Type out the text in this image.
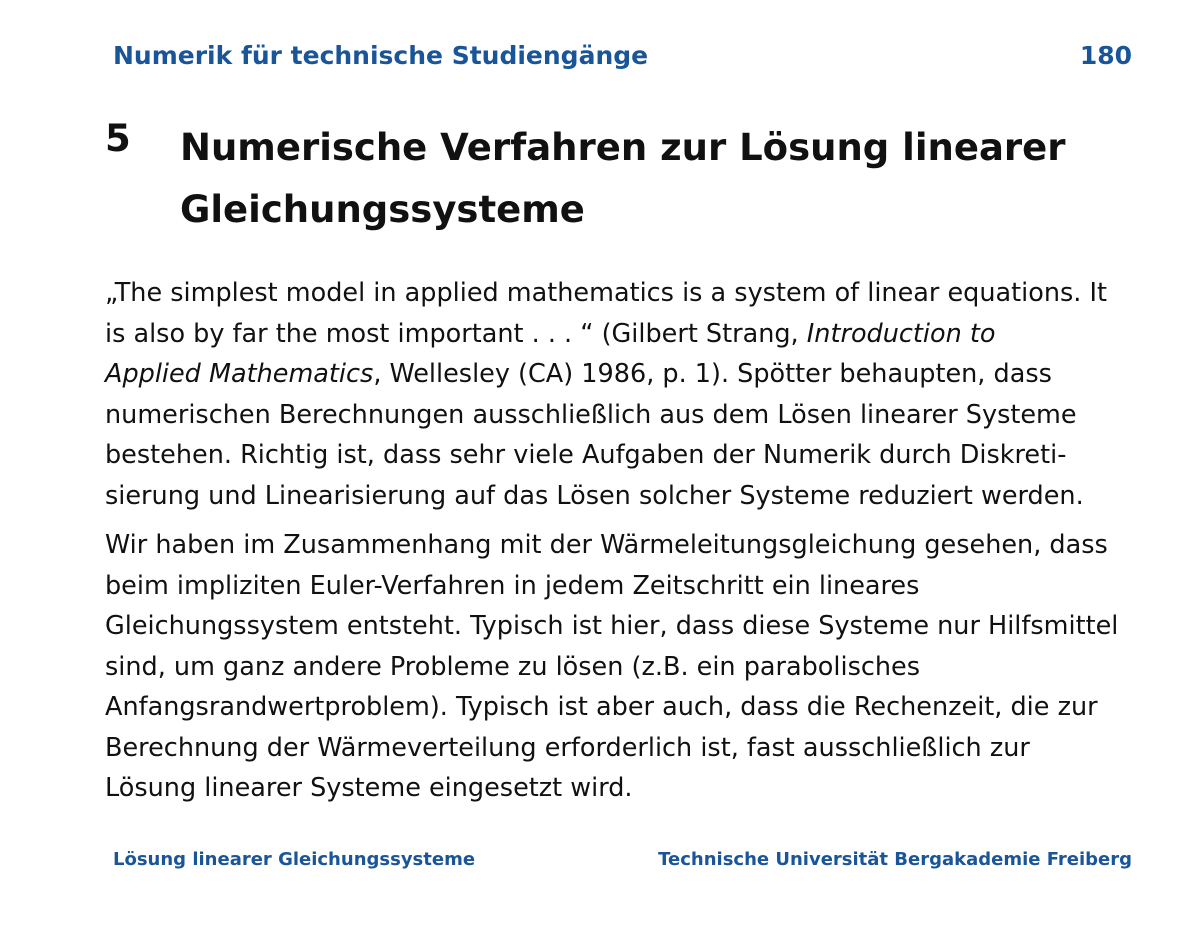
Numerik für technische Studiengänge	180
5 Numerische Verfahren zur Lösung linearer
Gleichungssysteme
„The simplest model in applied mathematics is a system of linear equations. It
is also by far the most important . . . “ (Gilbert Strang, Introduction to
Applied Mathematics, Wellesley (CA) 1986, p. 1). Spötter behaupten, dass
numerischen Berechnungen ausschließlich aus dem Lösen linearer Systeme
bestehen. Richtig ist, dass sehr viele Aufgaben der Numerik durch Diskreti-
sierung und Linearisierung auf das Lösen solcher Systeme reduziert werden.
Wir haben im Zusammenhang mit der Wärmeleitungsgleichung gesehen, dass
beim impliziten Euler-Verfahren in jedem Zeitschritt ein lineares
Gleichungssystem entsteht. Typisch ist hier, dass diese Systeme nur Hilfsmittel
sind, um ganz andere Probleme zu lösen (z.B. ein parabolisches
Anfangsrandwertproblem). Typisch ist aber auch, dass die Rechenzeit, die zur
Berechnung der Wärmeverteilung erforderlich ist, fast ausschließlich zur
Lösung linearer Systeme eingesetzt wird.
Lösung linearer Gleichungssysteme	Technische Universität Bergakademie Freiberg
